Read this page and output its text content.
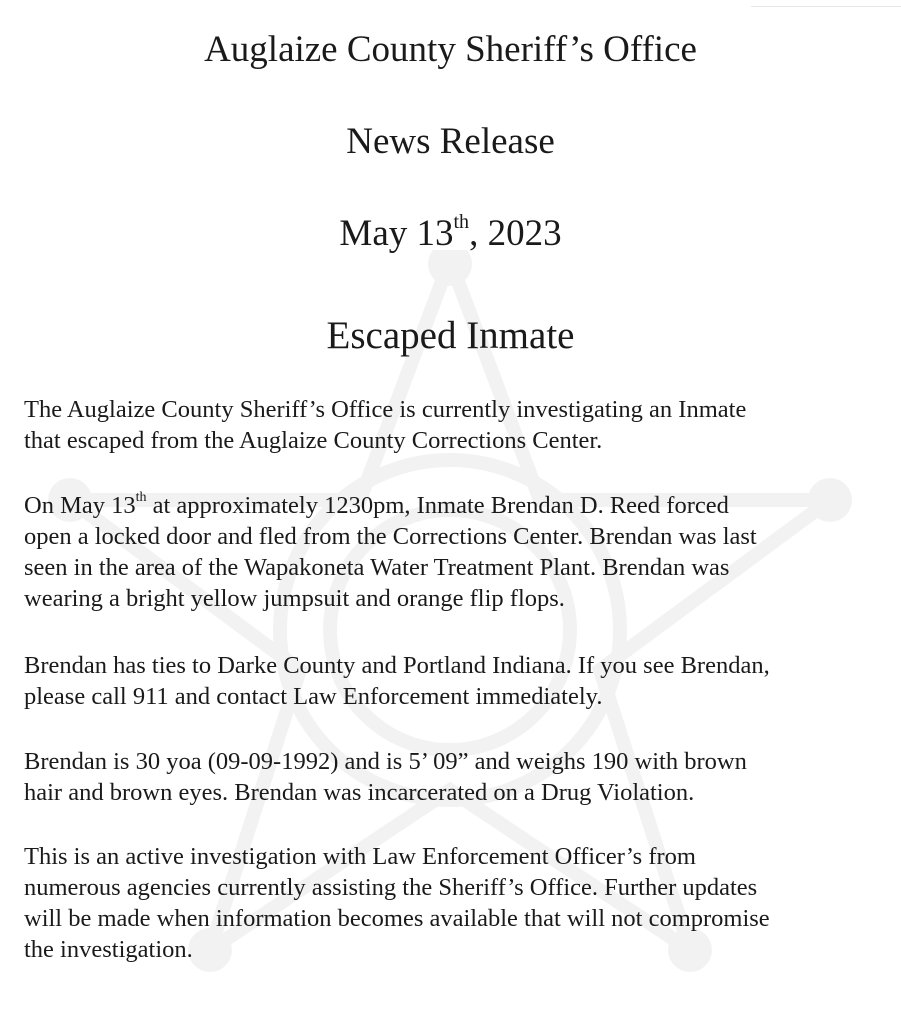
Auglaize County Sheriff’s Office
News Release
May 13th, 2023
Escaped Inmate

The Auglaize County Sheriff’s Office is currently investigating an Inmate
that escaped from the Auglaize County Corrections Center.

On May 13th at approximately 1230pm, Inmate Brendan D. Reed forced
open a locked door and fled from the Corrections Center. Brendan was last
seen in the area of the Wapakoneta Water Treatment Plant. Brendan was
wearing a bright yellow jumpsuit and orange flip flops.

Brendan has ties to Darke County and Portland Indiana. If you see Brendan,
please call 911 and contact Law Enforcement immediately.

Brendan is 30 yoa (09-09-1992) and is 5’ 09” and weighs 190 with brown
hair and brown eyes. Brendan was incarcerated on a Drug Violation.

This is an active investigation with Law Enforcement Officer’s from
numerous agencies currently assisting the Sheriff’s Office. Further updates
will be made when information becomes available that will not compromise
the investigation.
